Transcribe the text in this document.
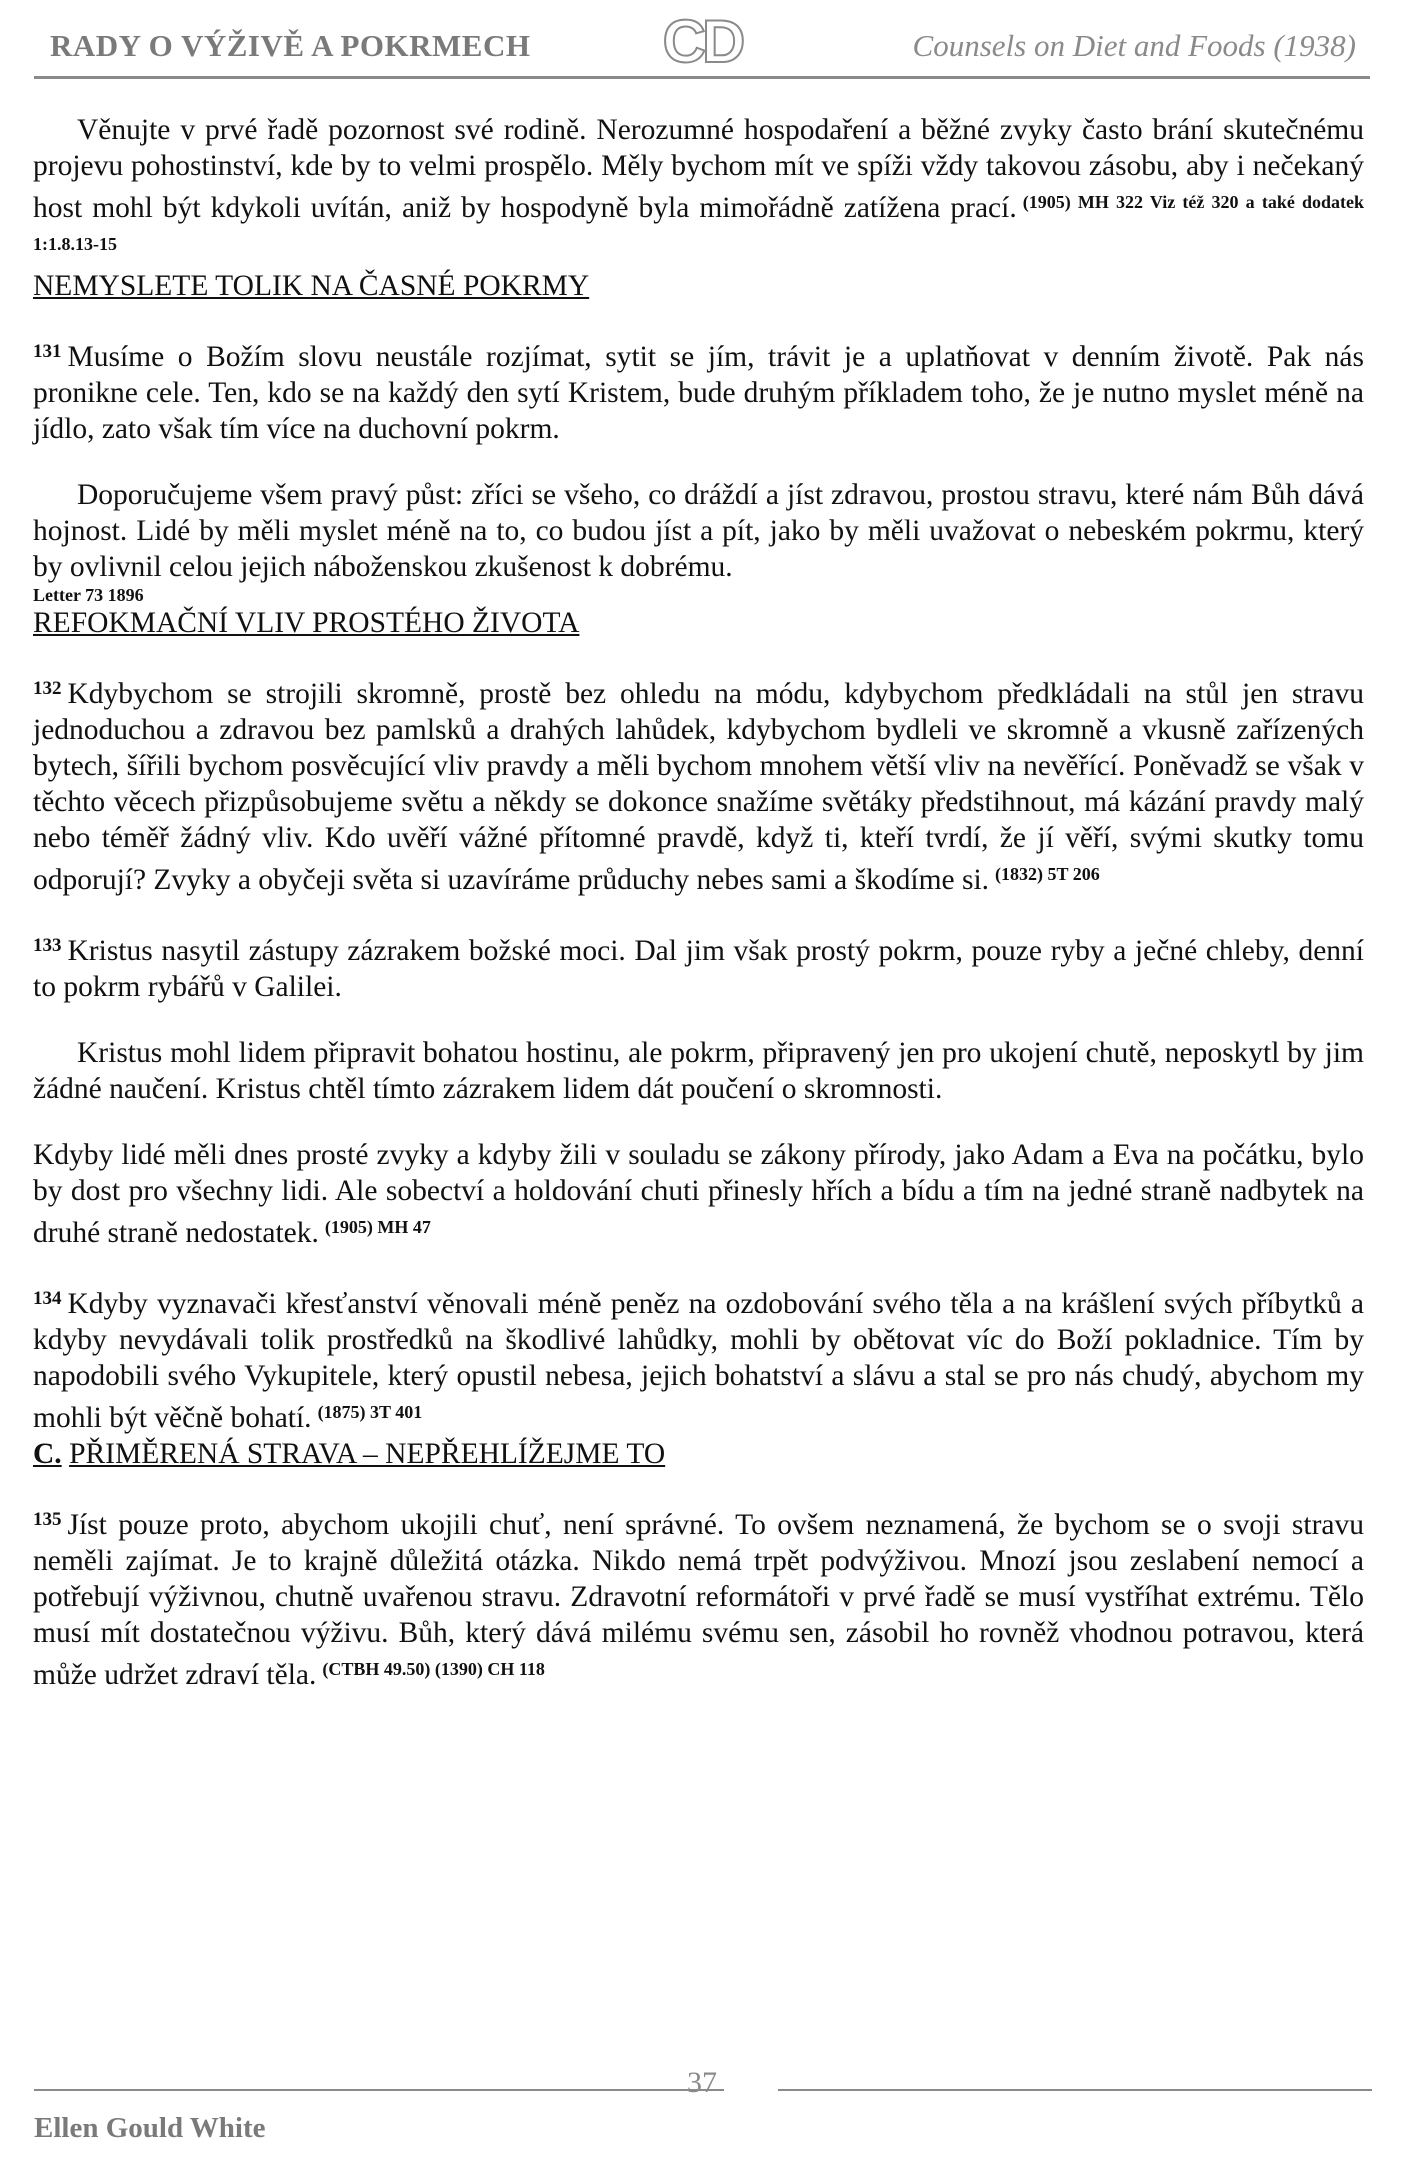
RADY O VÝŽIVĚ A POKRMECH CD	Counsels on Diet and Foods (1938)

Věnujte v prvé řadě pozornost své rodině. Nerozumné hospodaření a běžné zvyky často brání skutečnému projevu pohostinství, kde by to velmi prospělo. Měly bychom mít ve spíži vždy takovou zásobu, aby i nečekaný host mohl být kdykoli uvítán, aniž by hospodyně byla mimořádně zatížena prací. $^{(1905) MH 322 Viz též 320 a také dodatek 1:1.8.13-15}$

NEMYSLETE TOLIK NA ČASNÉ POKRMY

$^{131}$ Musíme o Božím slovu neustále rozjímat, sytit se jím, trávit je a uplatňovat v denním životě. Pak nás pronikne cele. Ten, kdo se na každý den sytí Kristem, bude druhým příkladem toho, že je nutno myslet méně na jídlo, zato však tím více na duchovní pokrm.

Doporučujeme všem pravý půst: zříci se všeho, co dráždí a jíst zdravou, prostou stravu, které nám Bůh dává hojnost. Lidé by měli myslet méně na to, co budou jíst a pít, jako by měli uvažovat o nebeském pokrmu, který by ovlivnil celou jejich náboženskou zkušenost k dobrému.

Letter 73 1896

REFOKMAČNÍ VLIV PROSTÉHO ŽIVOTA

$^{132}$ Kdybychom se strojili skromně, prostě bez ohledu na módu, kdybychom předkládali na stůl jen stravu jednoduchou a zdravou bez pamlsků a drahých lahůdek, kdybychom bydleli ve skromně a vkusně zařízených bytech, šířili bychom posvěcující vliv pravdy a měli bychom mnohem větší vliv na nevěřící. Poněvadž se však v těchto věcech přizpůsobujeme světu a někdy se dokonce snažíme světáky předstihnout, má kázání pravdy malý nebo téměř žádný vliv. Kdo uvěří vážné přítomné pravdě, když ti, kteří tvrdí, že jí věří, svými skutky tomu odporují? Zvyky a obyčeji světa si uzavíráme průduchy nebes sami a škodíme si. $^{(1832) 5T 206}$

$^{133}$ Kristus nasytil zástupy zázrakem božské moci. Dal jim však prostý pokrm, pouze ryby a ječné chleby, denní to pokrm rybářů v Galilei.

Kristus mohl lidem připravit bohatou hostinu, ale pokrm, připravený jen pro ukojení chutě, neposkytl by jim žádné naučení. Kristus chtěl tímto zázrakem lidem dát poučení o skromnosti.

Kdyby lidé měli dnes prosté zvyky a kdyby žili v souladu se zákony přírody, jako Adam a Eva na počátku, bylo by dost pro všechny lidi. Ale sobectví a holdování chuti přinesly hřích a bídu a tím na jedné straně nadbytek na druhé straně nedostatek. $^{(1905) MH 47}$

$^{134}$ Kdyby vyznavači křesťanství věnovali méně peněz na ozdobování svého těla a na krášlení svých příbytků a kdyby nevydávali tolik prostředků na škodlivé lahůdky, mohli by obětovat víc do Boží pokladnice. Tím by napodobili svého Vykupitele, který opustil nebesa, jejich bohatství a slávu a stal se pro nás chudý, abychom my mohli být věčně bohatí. $^{(1875) 3T 401}$

C. PŘIMĚRENÁ STRAVA – NEPŘEHLÍŽEJME TO

$^{135}$ Jíst pouze proto, abychom ukojili chuť, není správné. To ovšem neznamená, že bychom se o svoji stravu neměli zajímat. Je to krajně důležitá otázka. Nikdo nemá trpět podvýživou. Mnozí jsou zeslabení nemocí a potřebují výživnou, chutně uvařenou stravu. Zdravotní reformátoři v prvé řadě se musí vystříhat extrému. Tělo musí mít dostatečnou výživu. Bůh, který dává milému svému sen, zásobil ho rovněž vhodnou potravou, která může udržet zdraví těla. $^{(CTBH 49.50) (1390) CH 118}$

37
Ellen Gould White
